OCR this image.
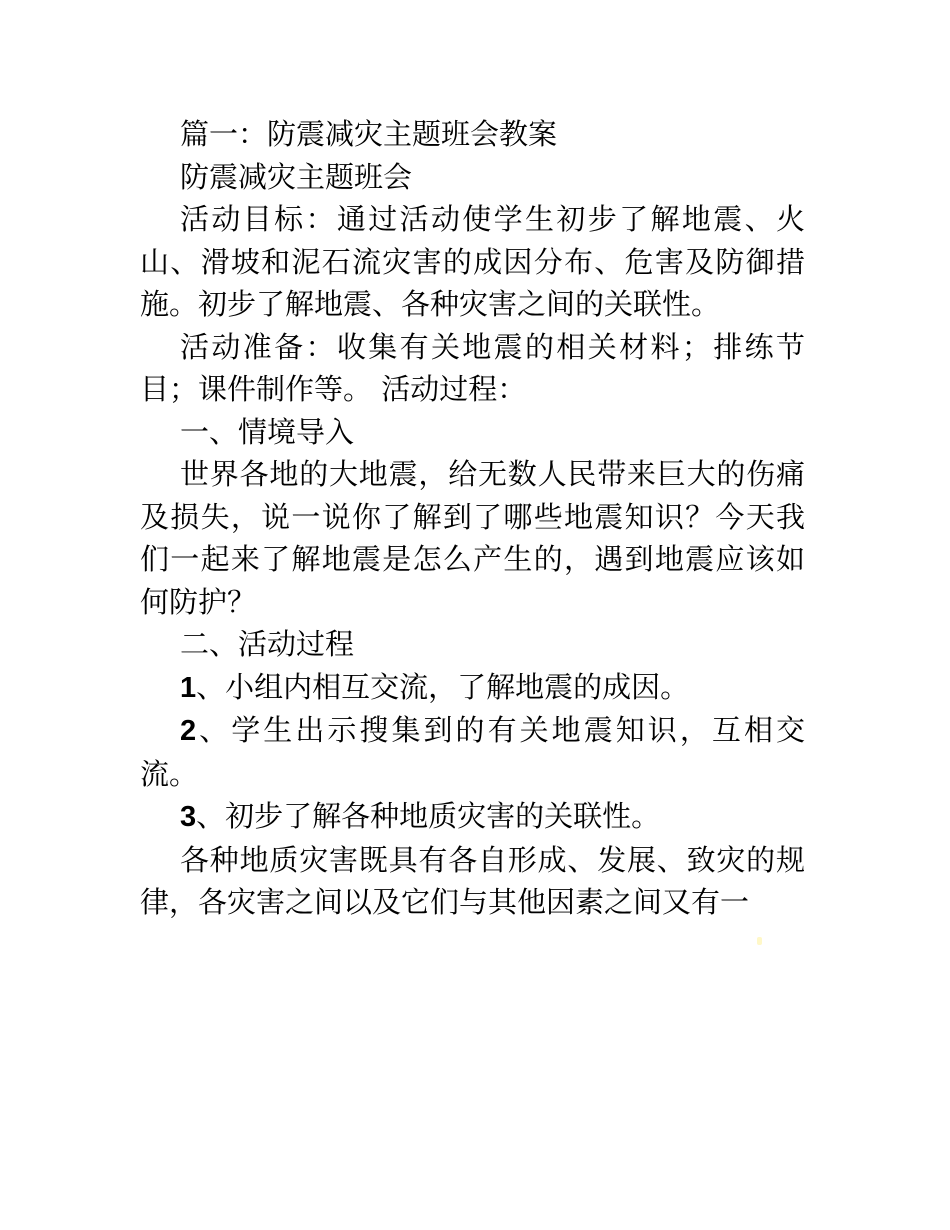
篇一：防震减灾主题班会教案

防震减灾主题班会

活动目标：通过活动使学生初步了解地震、火山、滑坡和泥石流灾害的成因分布、危害及防御措施。初步了解地震、各种灾害之间的关联性。

活动准备：收集有关地震的相关材料；排练节目；课件制作等。 活动过程：

一、情境导入

世界各地的大地震，给无数人民带来巨大的伤痛及损失，说一说你了解到了哪些地震知识？今天我们一起来了解地震是怎么产生的，遇到地震应该如何防护？

二、活动过程

1、小组内相互交流，了解地震的成因。

2、学生出示搜集到的有关地震知识，互相交流。

3、初步了解各种地质灾害的关联性。

各种地质灾害既具有各自形成、发展、致灾的规律，各灾害之间以及它们与其他因素之间又有一
